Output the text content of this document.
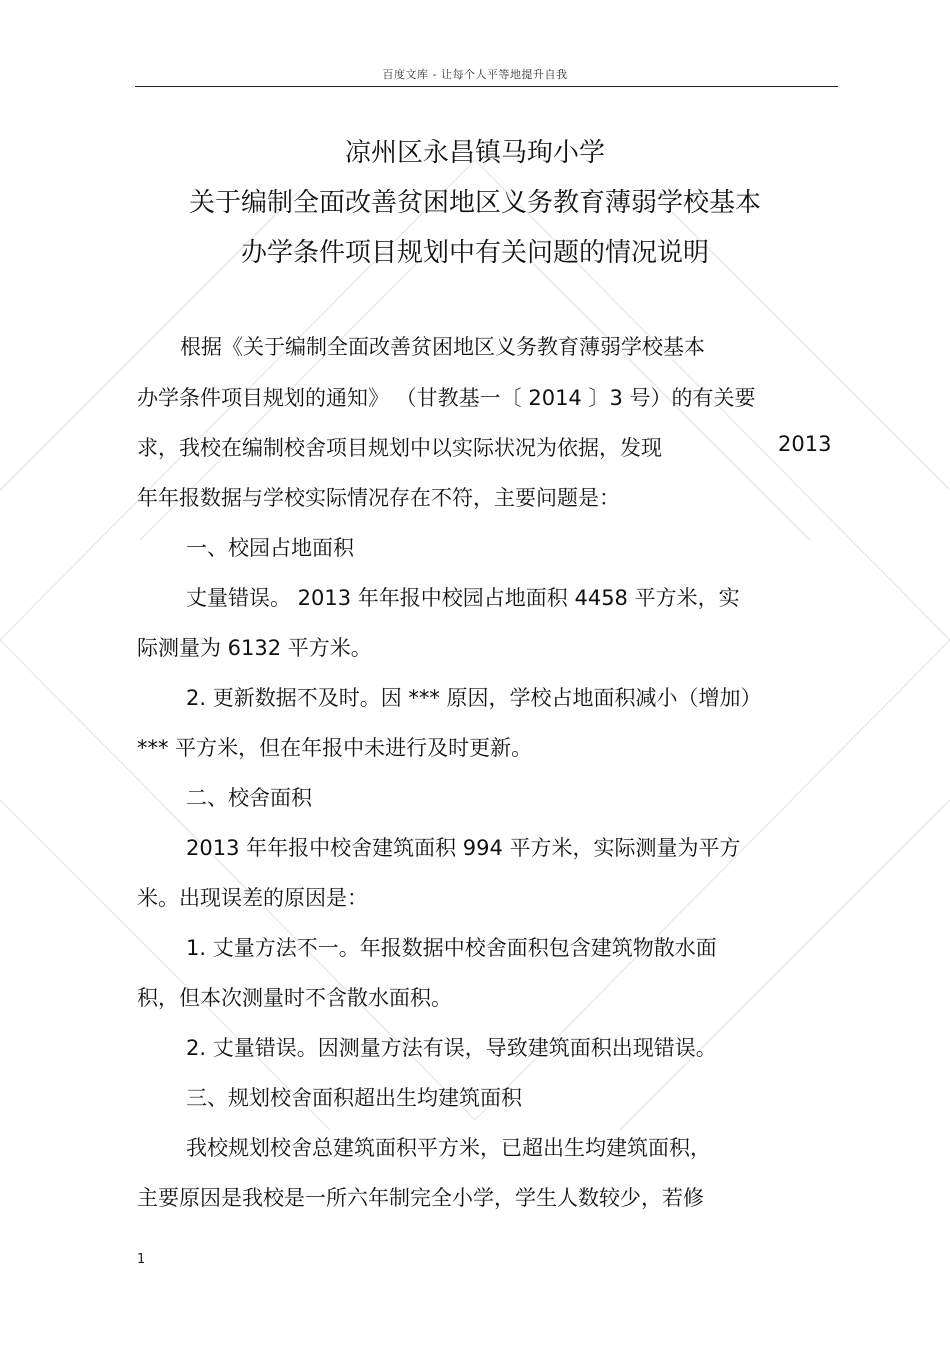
百度文库 - 让每个人平等地提升自我
凉州区永昌镇马珣小学
关于编制全面改善贫困地区义务教育薄弱学校基本
办学条件项目规划中有关问题的情况说明
根据《关于编制全面改善贫困地区义务教育薄弱学校基本
办学条件项目规划的通知》 （甘教基一〔 2014 〕3 号）的有关要
求，我校在编制校舍项目规划中以实际状况为依据，发现	2013
年年报数据与学校实际情况存在不符，主要问题是：
一、校园占地面积
丈量错误。 2013 年年报中校园占地面积 4458 平方米，实
际测量为 6132 平方米。
2. 更新数据不及时。因 *** 原因，学校占地面积减小（增加）
*** 平方米，但在年报中未进行及时更新。
二、校舍面积
2013 年年报中校舍建筑面积 994 平方米，实际测量为平方
米。出现误差的原因是：
1. 丈量方法不一。年报数据中校舍面积包含建筑物散水面
积，但本次测量时不含散水面积。
2. 丈量错误。因测量方法有误，导致建筑面积出现错误。
三、规划校舍面积超出生均建筑面积
我校规划校舍总建筑面积平方米，已超出生均建筑面积，
主要原因是我校是一所六年制完全小学，学生人数较少，若修
1
